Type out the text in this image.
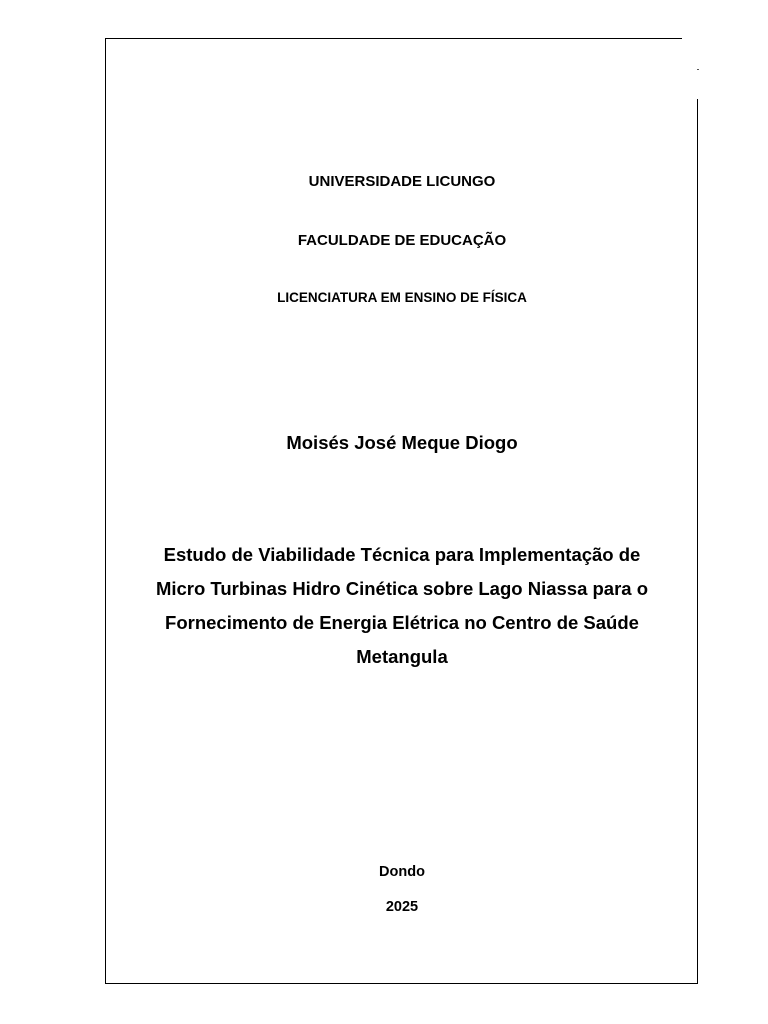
UNIVERSIDADE LICUNGO

FACULDADE DE EDUCAÇÃO

LICENCIATURA EM ENSINO DE FÍSICA

Moisés José Meque Diogo

Estudo de Viabilidade Técnica para Implementação de
Micro Turbinas Hidro Cinética sobre Lago Niassa para o
Fornecimento de Energia Elétrica no Centro de Saúde
Metangula

Dondo

2025
